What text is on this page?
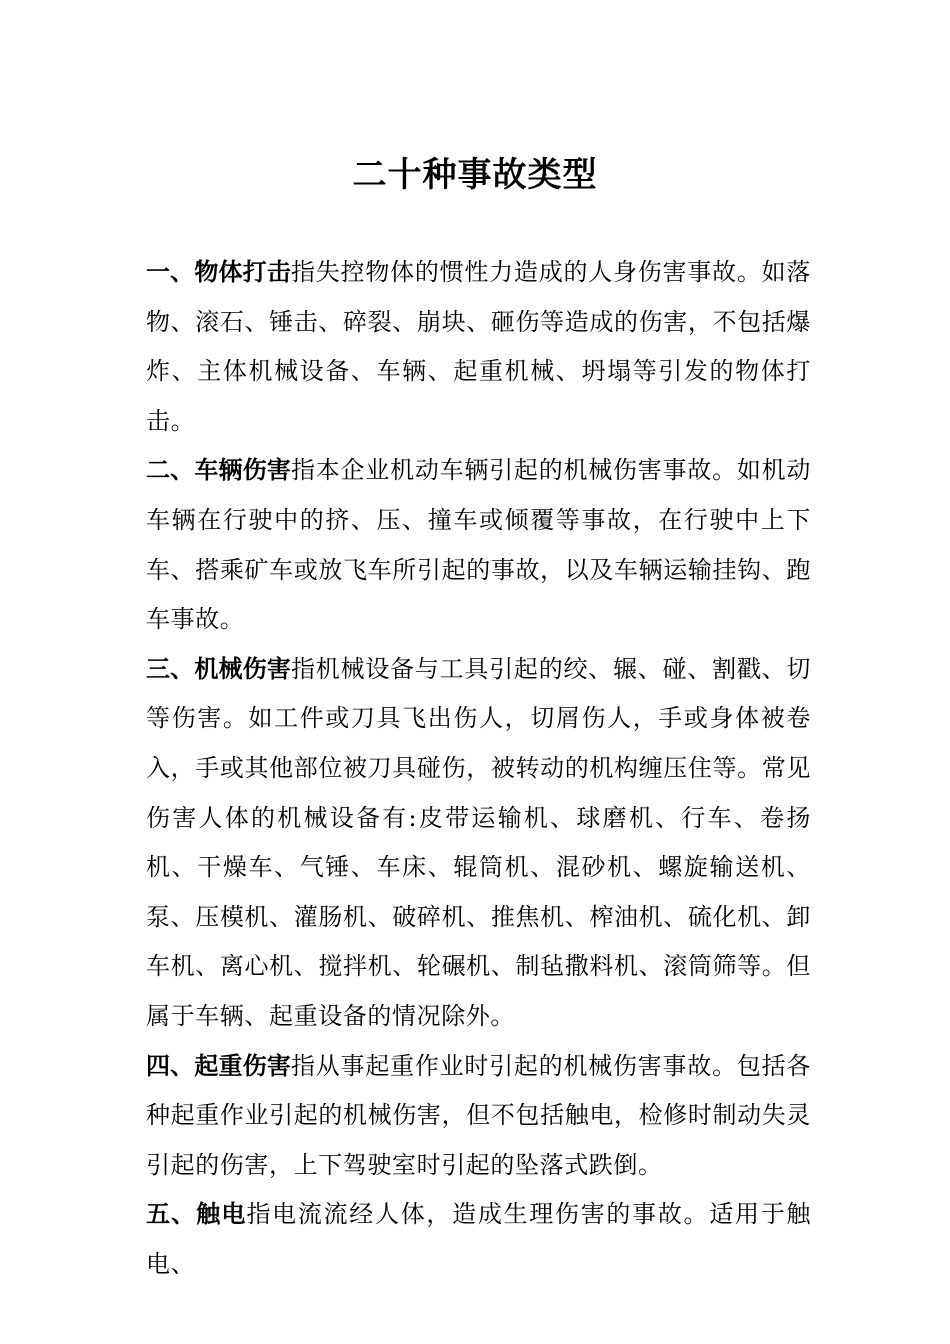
二十种事故类型

一、物体打击指失控物体的惯性力造成的人身伤害事故。如落物、滚石、锤击、碎裂、崩块、砸伤等造成的伤害，不包括爆炸、主体机械设备、车辆、起重机械、坍塌等引发的物体打击。

二、车辆伤害指本企业机动车辆引起的机械伤害事故。如机动车辆在行驶中的挤、压、撞车或倾覆等事故，在行驶中上下车、搭乘矿车或放飞车所引起的事故，以及车辆运输挂钩、跑车事故。

三、机械伤害指机械设备与工具引起的绞、辗、碰、割戳、切等伤害。如工件或刀具飞出伤人，切屑伤人，手或身体被卷入，手或其他部位被刀具碰伤，被转动的机构缠压住等。常见伤害人体的机械设备有:皮带运输机、球磨机、行车、卷扬机、干燥车、气锤、车床、辊筒机、混砂机、螺旋输送机、泵、压模机、灌肠机、破碎机、推焦机、榨油机、硫化机、卸车机、离心机、搅拌机、轮碾机、制毡撒料机、滚筒筛等。但属于车辆、起重设备的情况除外。

四、起重伤害指从事起重作业时引起的机械伤害事故。包括各种起重作业引起的机械伤害，但不包括触电，检修时制动失灵引起的伤害，上下驾驶室时引起的坠落式跌倒。

五、触电指电流流经人体，造成生理伤害的事故。适用于触电、
